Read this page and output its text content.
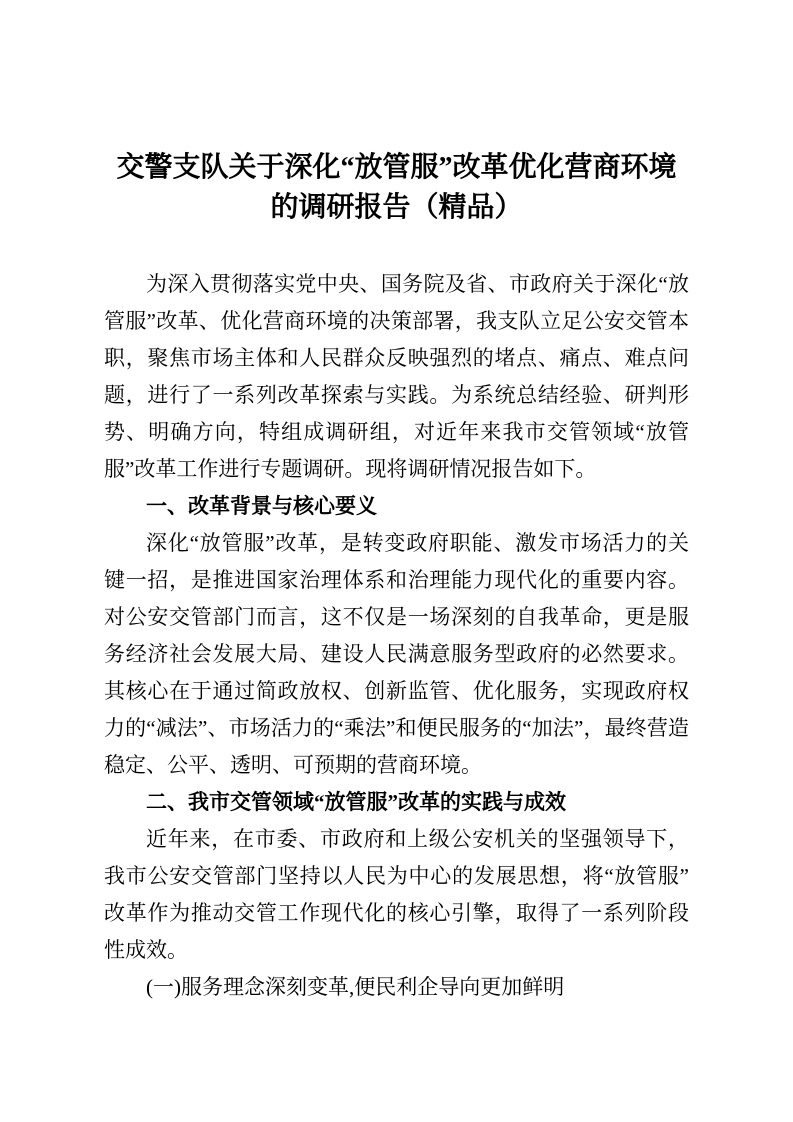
交警支队关于深化“放管服”改革优化营商环境的调研报告（精品）

为深入贯彻落实党中央、国务院及省、市政府关于深化“放管服”改革、优化营商环境的决策部署，我支队立足公安交管本职，聚焦市场主体和人民群众反映强烈的堵点、痛点、难点问题，进行了一系列改革探索与实践。为系统总结经验、研判形势、明确方向，特组成调研组，对近年来我市交管领域“放管服”改革工作进行专题调研。现将调研情况报告如下。

一、改革背景与核心要义

深化“放管服”改革，是转变政府职能、激发市场活力的关键一招，是推进国家治理体系和治理能力现代化的重要内容。对公安交管部门而言，这不仅是一场深刻的自我革命，更是服务经济社会发展大局、建设人民满意服务型政府的必然要求。其核心在于通过简政放权、创新监管、优化服务，实现政府权力的“减法”、市场活力的“乘法”和便民服务的“加法”，最终营造稳定、公平、透明、可预期的营商环境。

二、我市交管领域“放管服”改革的实践与成效

近年来，在市委、市政府和上级公安机关的坚强领导下，我市公安交管部门坚持以人民为中心的发展思想，将“放管服”改革作为推动交管工作现代化的核心引擎，取得了一系列阶段性成效。

(一)服务理念深刻变革,便民利企导向更加鲜明
